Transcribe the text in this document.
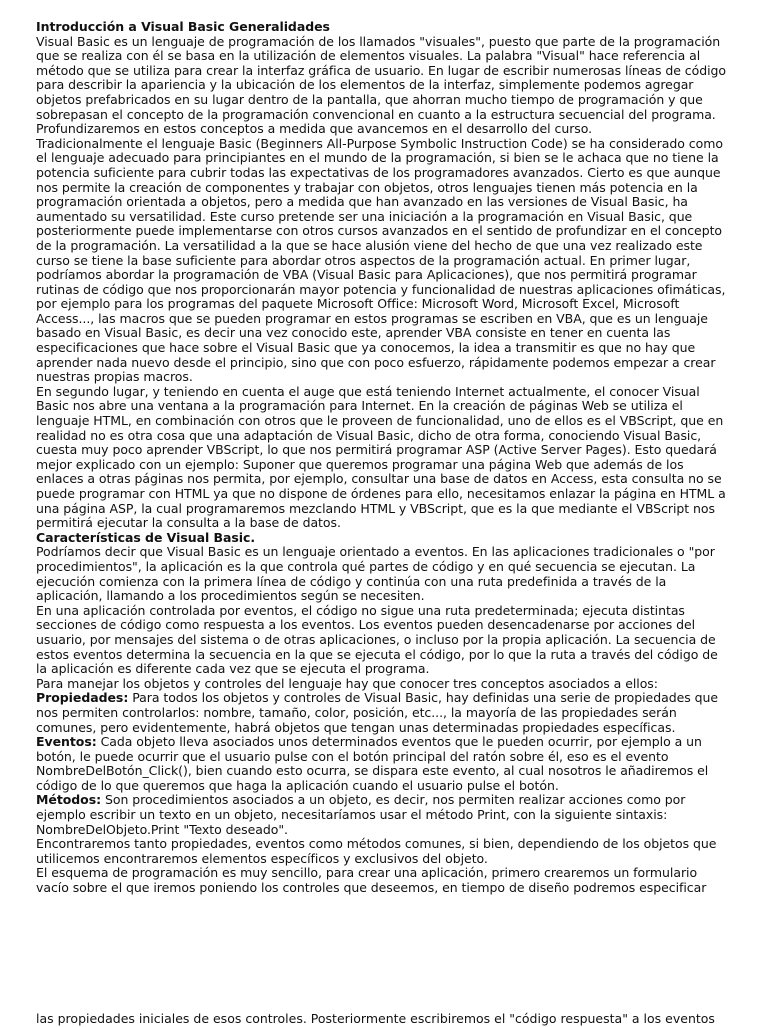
Introducción a Visual Basic Generalidades

Visual Basic es un lenguaje de programación de los llamados "visuales", puesto que parte de la programación que se realiza con él se basa en la utilización de elementos visuales. La palabra "Visual" hace referencia al método que se utiliza para crear la interfaz gráfica de usuario. En lugar de escribir numerosas líneas de código para describir la apariencia y la ubicación de los elementos de la interfaz, simplemente podemos agregar objetos prefabricados en su lugar dentro de la pantalla, que ahorran mucho tiempo de programación y que sobrepasan el concepto de la programación convencional en cuanto a la estructura secuencial del programa. Profundizaremos en estos conceptos a medida que avancemos en el desarrollo del curso.

Tradicionalmente el lenguaje Basic (Beginners All-Purpose Symbolic Instruction Code) se ha considerado como el lenguaje adecuado para principiantes en el mundo de la programación, si bien se le achaca que no tiene la potencia suficiente para cubrir todas las expectativas de los programadores avanzados. Cierto es que aunque nos permite la creación de componentes y trabajar con objetos, otros lenguajes tienen más potencia en la programación orientada a objetos, pero a medida que han avanzado en las versiones de Visual Basic, ha aumentado su versatilidad. Este curso pretende ser una iniciación a la programación en Visual Basic, que posteriormente puede implementarse con otros cursos avanzados en el sentido de profundizar en el concepto de la programación. La versatilidad a la que se hace alusión viene del hecho de que una vez realizado este curso se tiene la base suficiente para abordar otros aspectos de la programación actual. En primer lugar, podríamos abordar la programación de VBA (Visual Basic para Aplicaciones), que nos permitirá programar rutinas de código que nos proporcionarán mayor potencia y funcionalidad de nuestras aplicaciones ofimáticas, por ejemplo para los programas del paquete Microsoft Office: Microsoft Word, Microsoft Excel, Microsoft Access..., las macros que se pueden programar en estos programas se escriben en VBA, que es un lenguaje basado en Visual Basic, es decir una vez conocido este, aprender VBA consiste en tener en cuenta las especificaciones que hace sobre el Visual Basic que ya conocemos, la idea a transmitir es que no hay que aprender nada nuevo desde el principio, sino que con poco esfuerzo, rápidamente podemos empezar a crear nuestras propias macros.

En segundo lugar, y teniendo en cuenta el auge que está teniendo Internet actualmente, el conocer Visual Basic nos abre una ventana a la programación para Internet. En la creación de páginas Web se utiliza el lenguaje HTML, en combinación con otros que le proveen de funcionalidad, uno de ellos es el VBScript, que en realidad no es otra cosa que una adaptación de Visual Basic, dicho de otra forma, conociendo Visual Basic, cuesta muy poco aprender VBScript, lo que nos permitirá programar ASP (Active Server Pages). Esto quedará mejor explicado con un ejemplo: Suponer que queremos programar una página Web que además de los enlaces a otras páginas nos permita, por ejemplo, consultar una base de datos en Access, esta consulta no se puede programar con HTML ya que no dispone de órdenes para ello, necesitamos enlazar la página en HTML a una página ASP, la cual programaremos mezclando HTML y VBScript, que es la que mediante el VBScript nos permitirá ejecutar la consulta a la base de datos.

Características de Visual Basic.

Podríamos decir que Visual Basic es un lenguaje orientado a eventos. En las aplicaciones tradicionales o "por procedimientos", la aplicación es la que controla qué partes de código y en qué secuencia se ejecutan. La ejecución comienza con la primera línea de código y continúa con una ruta predefinida a través de la aplicación, llamando a los procedimientos según se necesiten.

En una aplicación controlada por eventos, el código no sigue una ruta predeterminada; ejecuta distintas secciones de código como respuesta a los eventos. Los eventos pueden desencadenarse por acciones del usuario, por mensajes del sistema o de otras aplicaciones, o incluso por la propia aplicación. La secuencia de estos eventos determina la secuencia en la que se ejecuta el código, por lo que la ruta a través del código de la aplicación es diferente cada vez que se ejecuta el programa.

Para manejar los objetos y controles del lenguaje hay que conocer tres conceptos asociados a ellos:

Propiedades: Para todos los objetos y controles de Visual Basic, hay definidas una serie de propiedades que nos permiten controlarlos: nombre, tamaño, color, posición, etc..., la mayoría de las propiedades serán comunes, pero evidentemente, habrá objetos que tengan unas determinadas propiedades específicas.

Eventos: Cada objeto lleva asociados unos determinados eventos que le pueden ocurrir, por ejemplo a un botón, le puede ocurrir que el usuario pulse con el botón principal del ratón sobre él, eso es el evento NombreDelBotón_Click(), bien cuando esto ocurra, se dispara este evento, al cual nosotros le añadiremos el código de lo que queremos que haga la aplicación cuando el usuario pulse el botón.

Métodos: Son procedimientos asociados a un objeto, es decir, nos permiten realizar acciones como por ejemplo escribir un texto en un objeto, necesitaríamos usar el método Print, con la siguiente sintaxis: NombreDelObjeto.Print "Texto deseado".

Encontraremos tanto propiedades, eventos como métodos comunes, si bien, dependiendo de los objetos que utilicemos encontraremos elementos específicos y exclusivos del objeto.

El esquema de programación es muy sencillo, para crear una aplicación, primero crearemos un formulario vacío sobre el que iremos poniendo los controles que deseemos, en tiempo de diseño podremos especificar

las propiedades iniciales de esos controles. Posteriormente escribiremos el "código respuesta" a los eventos
